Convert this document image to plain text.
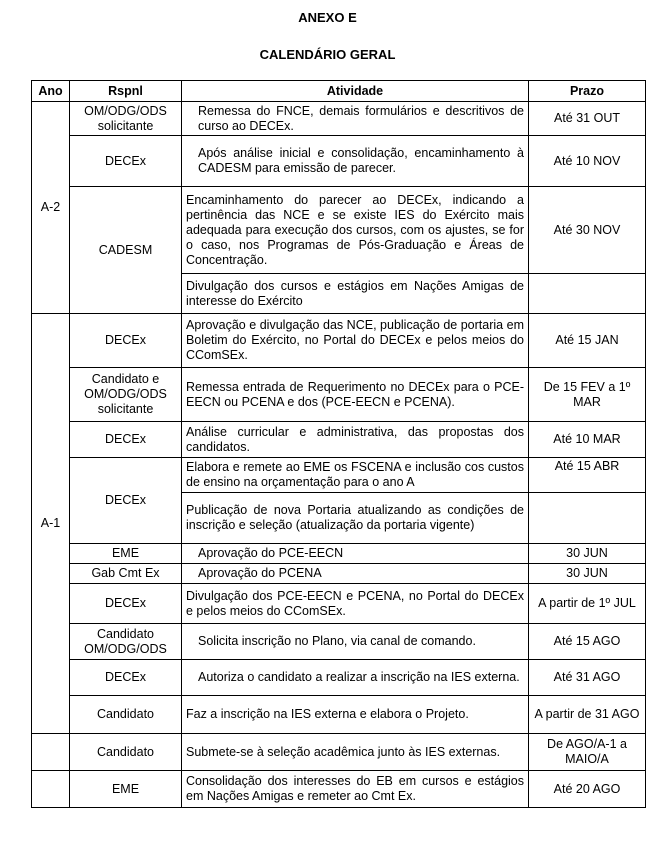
ANEXO E
CALENDÁRIO GERAL
Ano	Rspnl	Atividade	Prazo
A-2	OM/ODG/ODS solicitante	Remessa do FNCE, demais formulários e descritivos de curso ao DECEx.	Até 31 OUT
	DECEx	Após análise inicial e consolidação, encaminhamento à CADESM para emissão de parecer.	Até 10 NOV
	CADESM	Encaminhamento do parecer ao DECEx, indicando a pertinência das NCE e se existe IES do Exército mais adequada para execução dos cursos, com os ajustes, se for o caso, nos Programas de Pós-Graduação e Áreas de Concentração.	Até 30 NOV
		Divulgação dos cursos e estágios em Nações Amigas de interesse do Exército	
A-1	DECEx	Aprovação e divulgação das NCE, publicação de portaria em Boletim do Exército, no Portal do DECEx e pelos meios do CComSEx.	Até 15 JAN
	Candidato e OM/ODG/ODS solicitante	Remessa entrada de Requerimento no DECEx para o PCE-EECN ou PCENA e dos (PCE-EECN e PCENA).	De 15 FEV a 1º MAR
	DECEx	Análise curricular e administrativa, das propostas dos candidatos.	Até 10 MAR
	DECEx	Elabora e remete ao EME os FSCENA e inclusão cos custos de ensino na orçamentação para o ano A	Até 15 ABR
		Publicação de nova Portaria atualizando as condições de inscrição e seleção (atualização da portaria vigente)	
	EME	Aprovação do PCE-EECN	30 JUN
	Gab Cmt Ex	Aprovação do PCENA	30 JUN
	DECEx	Divulgação dos PCE-EECN e PCENA, no Portal do DECEx e pelos meios do CComSEx.	A partir de 1º JUL
	Candidato OM/ODG/ODS	Solicita inscrição no Plano, via canal de comando.	Até 15 AGO
	DECEx	Autoriza o candidato a realizar a inscrição na IES externa.	Até 31 AGO
	Candidato	Faz a inscrição na IES externa e elabora o Projeto.	A partir de 31 AGO
	Candidato	Submete-se à seleção acadêmica junto às IES externas.	De AGO/A-1 a MAIO/A
	EME	Consolidação dos interesses do EB em cursos e estágios em Nações Amigas e remeter ao Cmt Ex.	Até 20 AGO
